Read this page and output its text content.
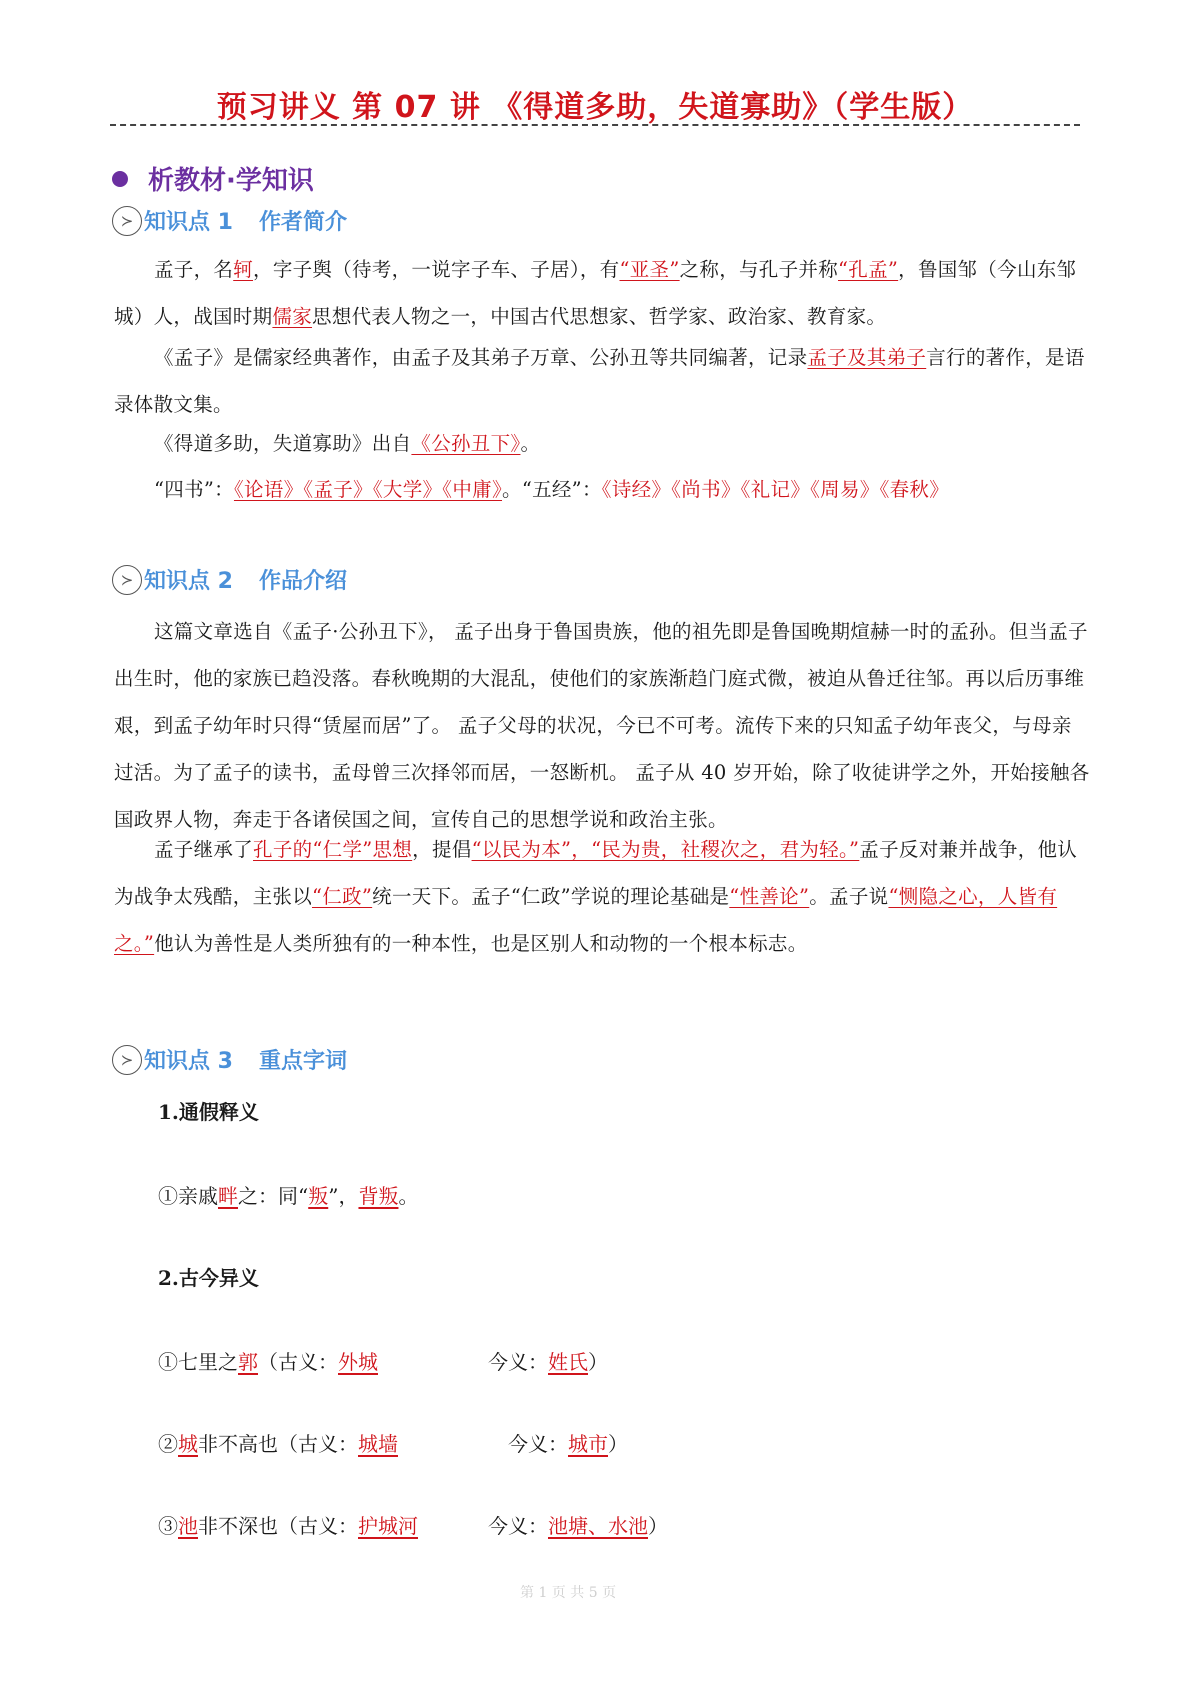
预习讲义 第 07 讲 《得道多助，失道寡助》（学生版）
析教材·学知识
≻ 知识点 1 作者简介
孟子，名轲，字子舆（待考，一说字子车、子居），有“亚圣”之称，与孔子并称“孔孟”，鲁国邹（今山东邹城）人，战国时期儒家思想代表人物之一，中国古代思想家、哲学家、政治家、教育家。
《孟子》是儒家经典著作，由孟子及其弟子万章、公孙丑等共同编著，记录孟子及其弟子言行的著作，是语录体散文集。
《得道多助，失道寡助》出自《公孙丑下》。
“四书”：《论语》《孟子》《大学》《中庸》。“五经”：《诗经》《尚书》《礼记》《周易》《春秋》
≻ 知识点 2 作品介绍
这篇文章选自《孟子·公孙丑下》， 孟子出身于鲁国贵族，他的祖先即是鲁国晚期煊赫一时的孟孙。但当孟子出生时，他的家族已趋没落。春秋晚期的大混乱，使他们的家族渐趋门庭式微，被迫从鲁迁往邹。再以后历事维艰，到孟子幼年时只得“赁屋而居”了。 孟子父母的状况，今已不可考。流传下来的只知孟子幼年丧父，与母亲过活。为了孟子的读书，孟母曾三次择邻而居，一怒断机。 孟子从 40 岁开始，除了收徒讲学之外，开始接触各国政界人物，奔走于各诸侯国之间，宣传自己的思想学说和政治主张。
孟子继承了孔子的“仁学”思想，提倡“以民为本”，“民为贵，社稷次之，君为轻。”孟子反对兼并战争，他认为战争太残酷，主张以“仁政”统一天下。孟子“仁政”学说的理论基础是“性善论”。孟子说“恻隐之心，人皆有之。”他认为善性是人类所独有的一种本性，也是区别人和动物的一个根本标志。
≻ 知识点 3 重点字词
1.通假释义
①亲戚畔之：同“叛”，背叛。
2.古今异义
①七里之郭（古义：外城	今义：姓氏）
②城非不高也（古义：城墙	今义：城市）
③池非不深也（古义：护城河	今义：池塘、水池）
第 1 页 共 5 页
